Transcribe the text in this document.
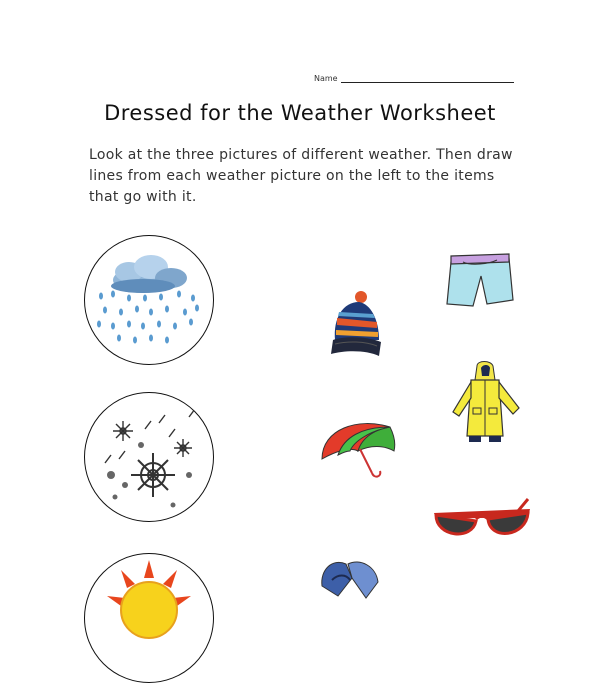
Name
Dressed for the Weather Worksheet
Look at the three pictures of different weather. Then draw lines from each weather picture on the left to the items that go with it.
